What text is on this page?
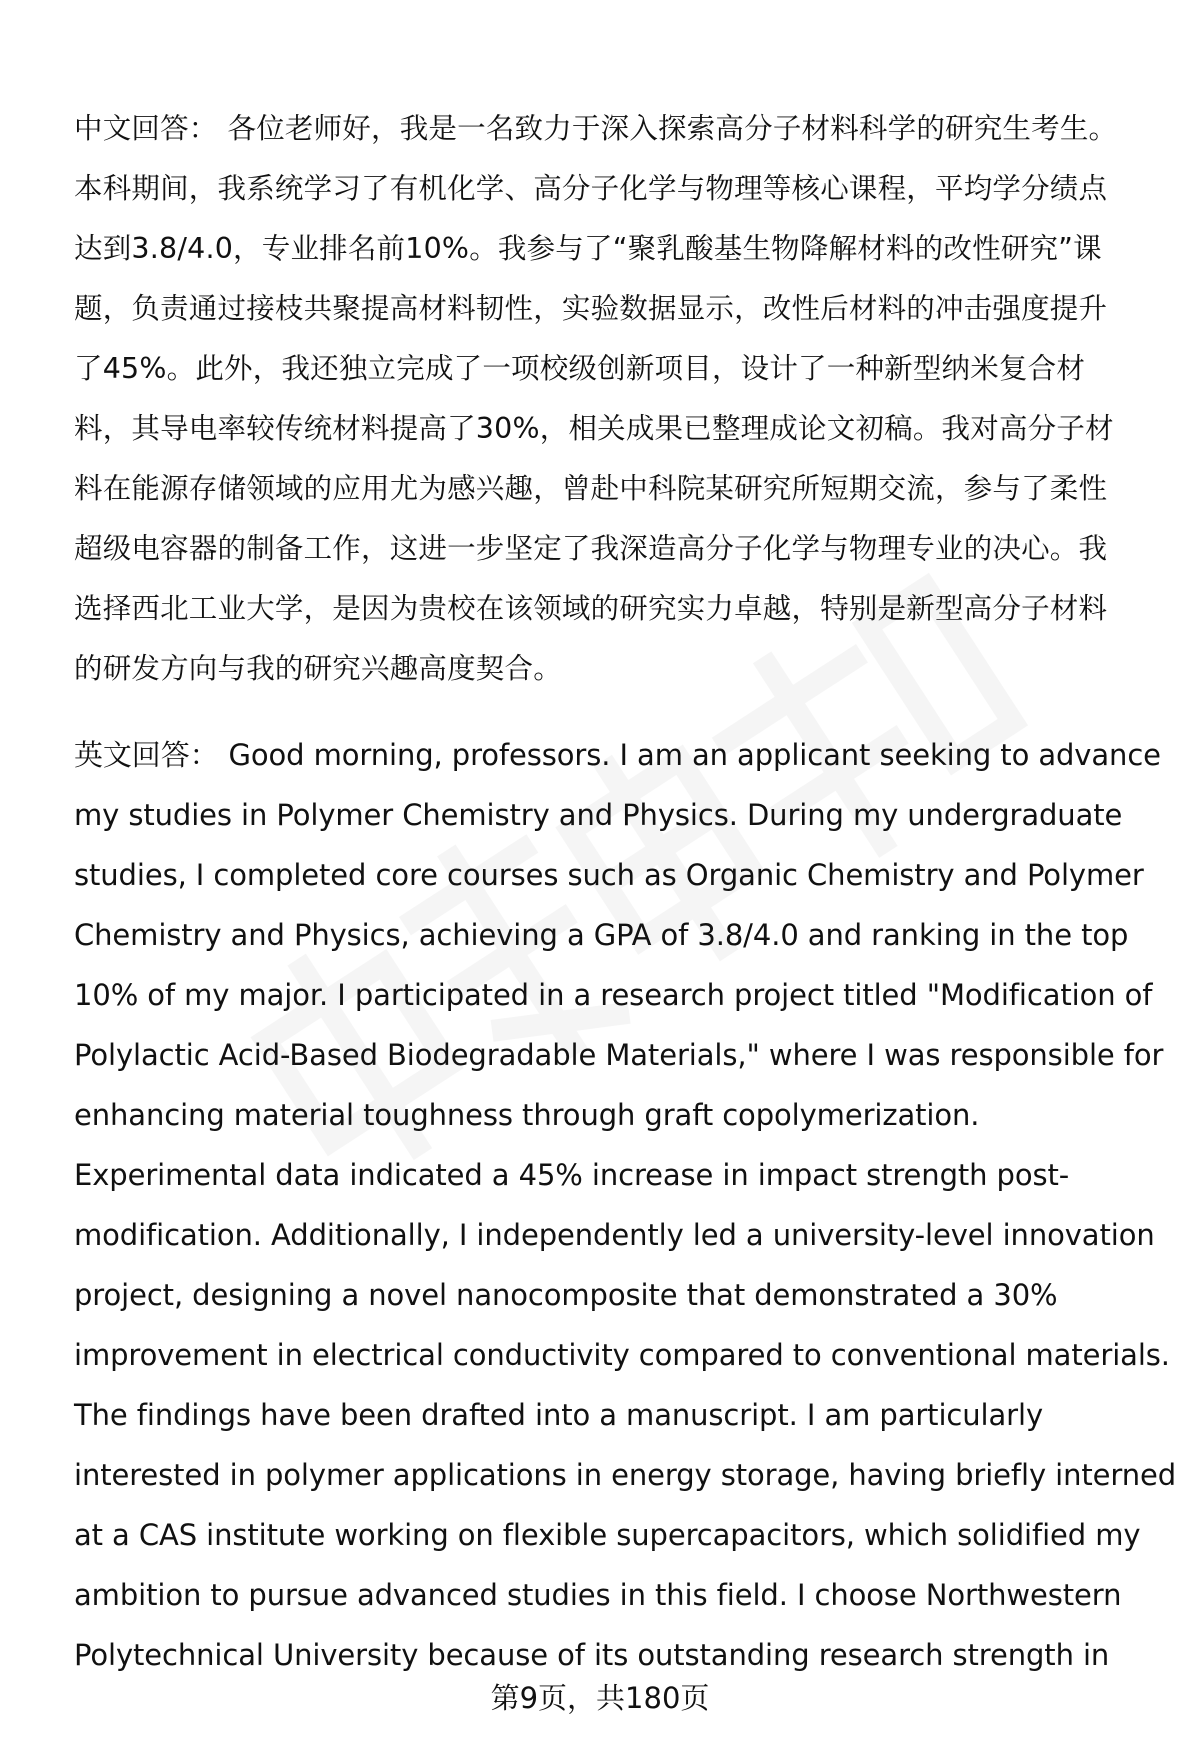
中文回答： 各位老师好，我是一名致力于深入探索高分子材料科学的研究生考生。
本科期间，我系统学习了有机化学、高分子化学与物理等核心课程，平均学分绩点
达到3.8/4.0，专业排名前10%。我参与了“聚乳酸基生物降解材料的改性研究”课
题，负责通过接枝共聚提高材料韧性，实验数据显示，改性后材料的冲击强度提升
了45%。此外，我还独立完成了一项校级创新项目，设计了一种新型纳米复合材
料，其导电率较传统材料提高了30%，相关成果已整理成论文初稿。我对高分子材
料在能源存储领域的应用尤为感兴趣，曾赴中科院某研究所短期交流，参与了柔性
超级电容器的制备工作，这进一步坚定了我深造高分子化学与物理专业的决心。我
选择西北工业大学，是因为贵校在该领域的研究实力卓越，特别是新型高分子材料
的研发方向与我的研究兴趣高度契合。
英文回答： Good morning, professors. I am an applicant seeking to advance
my studies in Polymer Chemistry and Physics. During my undergraduate
studies, I completed core courses such as Organic Chemistry and Polymer
Chemistry and Physics, achieving a GPA of 3.8/4.0 and ranking in the top
10% of my major. I participated in a research project titled "Modification of
Polylactic Acid-Based Biodegradable Materials," where I was responsible for
enhancing material toughness through graft copolymerization.
Experimental data indicated a 45% increase in impact strength post-
modification. Additionally, I independently led a university-level innovation
project, designing a novel nanocomposite that demonstrated a 30%
improvement in electrical conductivity compared to conventional materials.
The findings have been drafted into a manuscript. I am particularly
interested in polymer applications in energy storage, having briefly interned
at a CAS institute working on flexible supercapacitors, which solidified my
ambition to pursue advanced studies in this field. I choose Northwestern
Polytechnical University because of its outstanding research strength in
第9页，共180页
